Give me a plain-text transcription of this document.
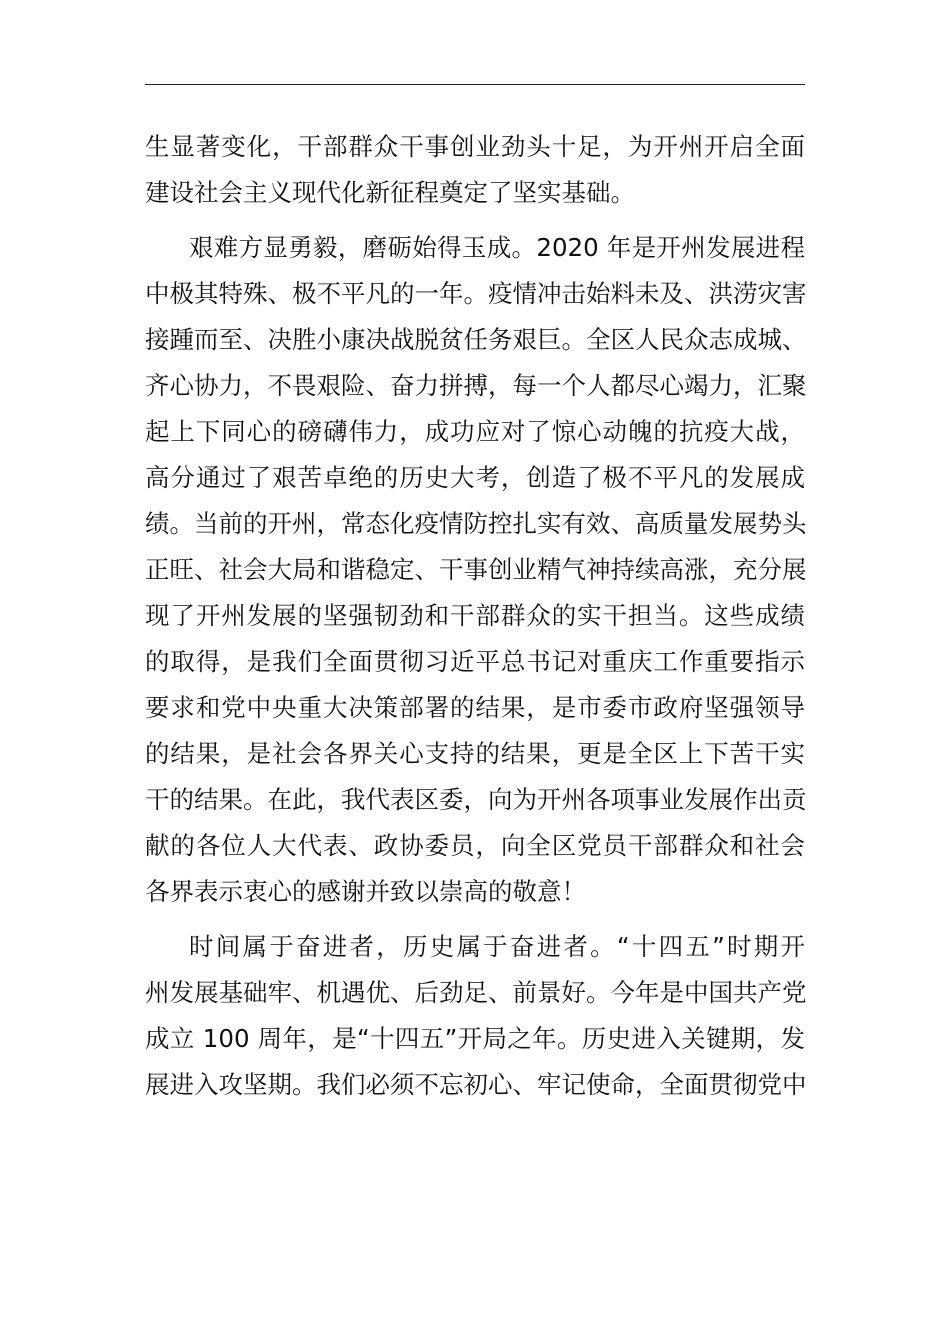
生显著变化，干部群众干事创业劲头十足，为开州开启全面
建设社会主义现代化新征程奠定了坚实基础。

艰难方显勇毅，磨砺始得玉成。2020 年是开州发展进程
中极其特殊、极不平凡的一年。疫情冲击始料未及、洪涝灾害
接踵而至、决胜小康决战脱贫任务艰巨。全区人民众志成城、
齐心协力，不畏艰险、奋力拼搏，每一个人都尽心竭力，汇聚
起上下同心的磅礴伟力，成功应对了惊心动魄的抗疫大战，
高分通过了艰苦卓绝的历史大考，创造了极不平凡的发展成
绩。当前的开州，常态化疫情防控扎实有效、高质量发展势头
正旺、社会大局和谐稳定、干事创业精气神持续高涨，充分展
现了开州发展的坚强韧劲和干部群众的实干担当。这些成绩
的取得，是我们全面贯彻习近平总书记对重庆工作重要指示
要求和党中央重大决策部署的结果，是市委市政府坚强领导
的结果，是社会各界关心支持的结果，更是全区上下苦干实
干的结果。在此，我代表区委，向为开州各项事业发展作出贡
献的各位人大代表、政协委员，向全区党员干部群众和社会
各界表示衷心的感谢并致以崇高的敬意！

时间属于奋进者，历史属于奋进者。“十四五”时期开
州发展基础牢、机遇优、后劲足、前景好。今年是中国共产党
成立 100 周年，是“十四五”开局之年。历史进入关键期，发
展进入攻坚期。我们必须不忘初心、牢记使命，全面贯彻党中
